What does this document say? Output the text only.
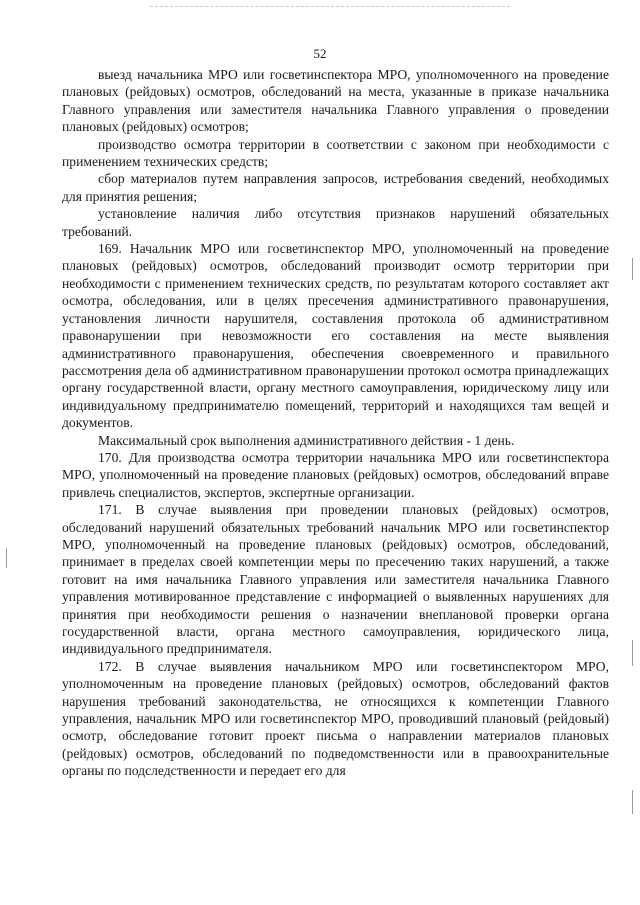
52

выезд начальника МРО или госветинспектора МРО, уполномоченного на проведение плановых (рейдовых) осмотров, обследований на места, указанные в приказе начальника Главного управления или заместителя начальника Главного управления о проведении плановых (рейдовых) осмотров;

производство осмотра территории в соответствии с законом при необходимости с применением технических средств;

сбор материалов путем направления запросов, истребования сведений, необходимых для принятия решения;

установление наличия либо отсутствия признаков нарушений обязательных требований.

169. Начальник МРО или госветинспектор МРО, уполномоченный на проведение плановых (рейдовых) осмотров, обследований производит осмотр территории при необходимости с применением технических средств, по результатам которого составляет акт осмотра, обследования, или в целях пресечения административного правонарушения, установления личности нарушителя, составления протокола об административном правонарушении при невозможности его составления на месте выявления административного правонарушения, обеспечения своевременного и правильного рассмотрения дела об административном правонарушении протокол осмотра принадлежащих органу государственной власти, органу местного самоуправления, юридическому лицу или индивидуальному предпринимателю помещений, территорий и находящихся там вещей и документов.

Максимальный срок выполнения административного действия - 1 день.

170. Для производства осмотра территории начальника МРО или госветинспектора МРО, уполномоченный на проведение плановых (рейдовых) осмотров, обследований вправе привлечь специалистов, экспертов, экспертные организации.

171. В случае выявления при проведении плановых (рейдовых) осмотров, обследований нарушений обязательных требований начальник МРО или госветинспектор МРО, уполномоченный на проведение плановых (рейдовых) осмотров, обследований, принимает в пределах своей компетенции меры по пресечению таких нарушений, а также готовит на имя начальника Главного управления или заместителя начальника Главного управления мотивированное представление с информацией о выявленных нарушениях для принятия при необходимости решения о назначении внеплановой проверки органа государственной власти, органа местного самоуправления, юридического лица, индивидуального предпринимателя.

172. В случае выявления начальником МРО или госветинспектором МРО, уполномоченным на проведение плановых (рейдовых) осмотров, обследований фактов нарушения требований законодательства, не относящихся к компетенции Главного управления, начальник МРО или госветинспектор МРО, проводивший плановый (рейдовый) осмотр, обследование готовит проект письма о направлении материалов плановых (рейдовых) осмотров, обследований по подведомственности или в правоохранительные органы по подследственности и передает его для
